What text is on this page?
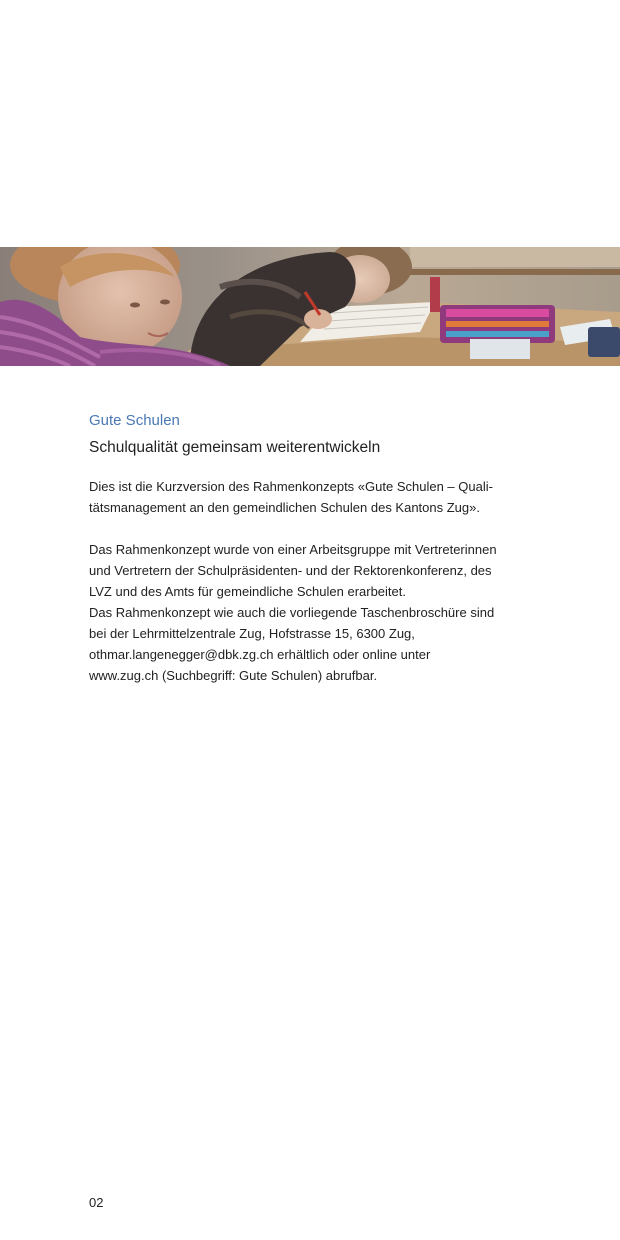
Gute Schulen
Schulqualität gemeinsam weiterentwickeln

Dies ist die Kurzversion des Rahmenkonzepts «Gute Schulen – Quali-
tätsmanagement an den gemeindlichen Schulen des Kantons Zug».

Das Rahmenkonzept wurde von einer Arbeitsgruppe mit Vertreterinnen
und Vertretern der Schulpräsidenten- und der Rektorenkonferenz, des
LVZ und des Amts für gemeindliche Schulen erarbeitet.
Das Rahmenkonzept wie auch die vorliegende Taschenbroschüre sind
bei der Lehrmittelzentrale Zug, Hofstrasse 15, 6300 Zug,
othmar.langenegger@dbk.zg.ch erhältlich oder online unter
www.zug.ch (Suchbegriff: Gute Schulen) abrufbar.

02
